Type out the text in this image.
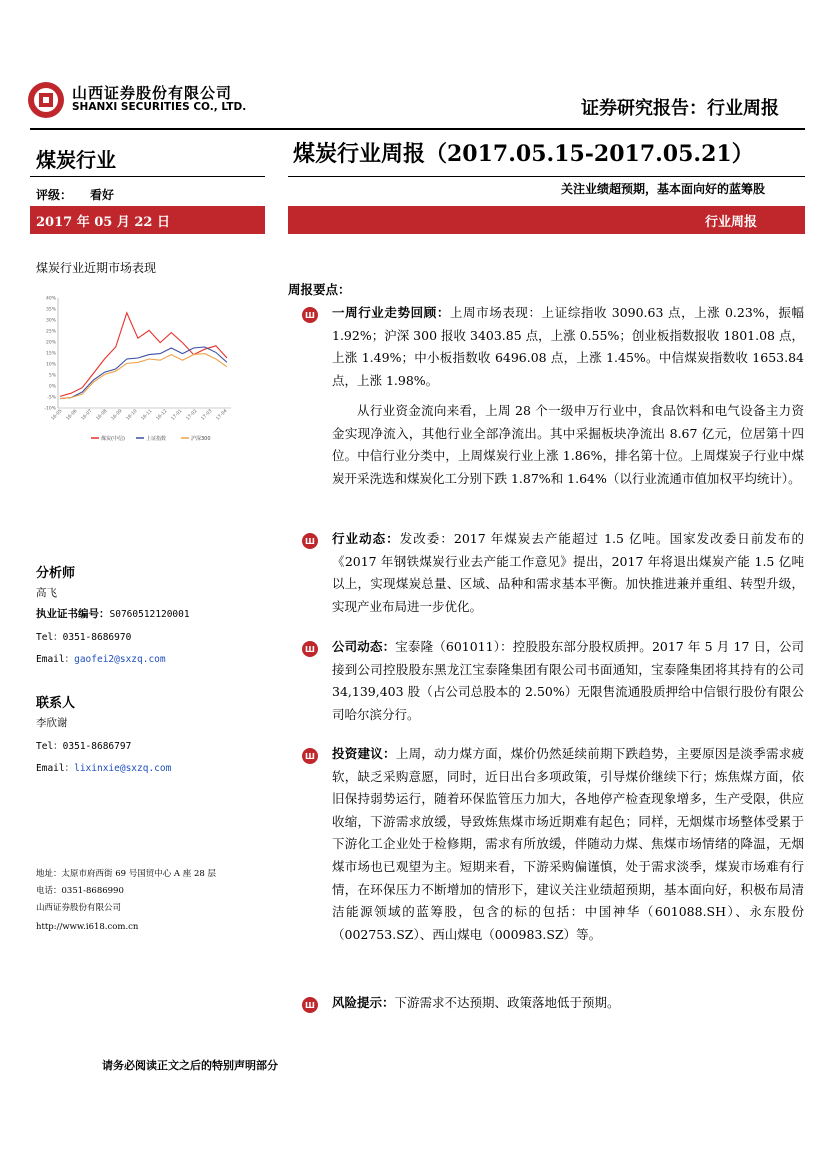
山西证券股份有限公司
SHANXI SECURITIES CO., LTD.	证券研究报告：行业周报
煤炭行业
评级： 看好
煤炭行业周报（2017.05.15-2017.05.21）
关注业绩超预期，基本面向好的蓝筹股
2017 年 05 月 22 日	行业周报
煤炭行业近期市场表现
40%
35%
30%
25%
20%
15%
10%
5%
0%
-5%
-10%
16-05 16-06 16-07 16-08 16-09 16-10 16-11 16-12 17-01 17-02 17-03 17-04
煤炭(中信)	上证指数	沪深300
分析师
高飞
执业证书编号：S0760512120001
Tel：0351-8686970
Email：gaofei2@sxzq.com
联系人
李欣谢
Tel：0351-8686797
Email：lixinxie@sxzq.com
地址：太原市府西街 69 号国贸中心 A 座 28 层
电话：0351-8686990
山西证券股份有限公司
http://www.i618.com.cn
周报要点：
Ш 一周行业走势回顾：上周市场表现：上证综指收 3090.63 点，上涨 0.23%，振幅 1.92%；沪深 300 报收 3403.85 点，上涨 0.55%；创业板指数报收 1801.08 点，上涨 1.49%；中小板指数收 6496.08 点，上涨 1.45%。中信煤炭指数收 1653.84 点，上涨 1.98%。
从行业资金流向来看，上周 28 个一级申万行业中，食品饮料和电气设备主力资金实现净流入，其他行业全部净流出。其中采掘板块净流出 8.67 亿元，位居第十四位。中信行业分类中，上周煤炭行业上涨 1.86%，排名第十位。上周煤炭子行业中煤炭开采洗选和煤炭化工分别下跌 1.87%和 1.64%（以行业流通市值加权平均统计）。
Ш 行业动态：发改委：2017 年煤炭去产能超过 1.5 亿吨。国家发改委日前发布的《2017 年钢铁煤炭行业去产能工作意见》提出，2017 年将退出煤炭产能 1.5 亿吨以上，实现煤炭总量、区域、品种和需求基本平衡。加快推进兼并重组、转型升级，实现产业布局进一步优化。
Ш 公司动态：宝泰隆（601011）：控股股东部分股权质押。2017 年 5 月 17 日，公司接到公司控股股东黑龙江宝泰隆集团有限公司书面通知，宝泰隆集团将其持有的公司 34,139,403 股（占公司总股本的 2.50%）无限售流通股质押给中信银行股份有限公司哈尔滨分行。
Ш 投资建议：上周，动力煤方面，煤价仍然延续前期下跌趋势，主要原因是淡季需求疲软，缺乏采购意愿，同时，近日出台多项政策，引导煤价继续下行；炼焦煤方面，依旧保持弱势运行，随着环保监管压力加大，各地停产检查现象增多，生产受限，供应收缩，下游需求放缓，导致炼焦煤市场近期难有起色；同样，无烟煤市场整体受累于下游化工企业处于检修期，需求有所放缓，伴随动力煤、焦煤市场情绪的降温，无烟煤市场也已观望为主。短期来看，下游采购偏谨慎，处于需求淡季，煤炭市场难有行情，在环保压力不断增加的情形下，建议关注业绩超预期，基本面向好，积极布局清洁能源领域的蓝筹股，包含的标的包括：中国神华（601088.SH）、永东股份（002753.SZ）、西山煤电（000983.SZ）等。
Ш 风险提示：下游需求不达预期、政策落地低于预期。
请务必阅读正文之后的特别声明部分
